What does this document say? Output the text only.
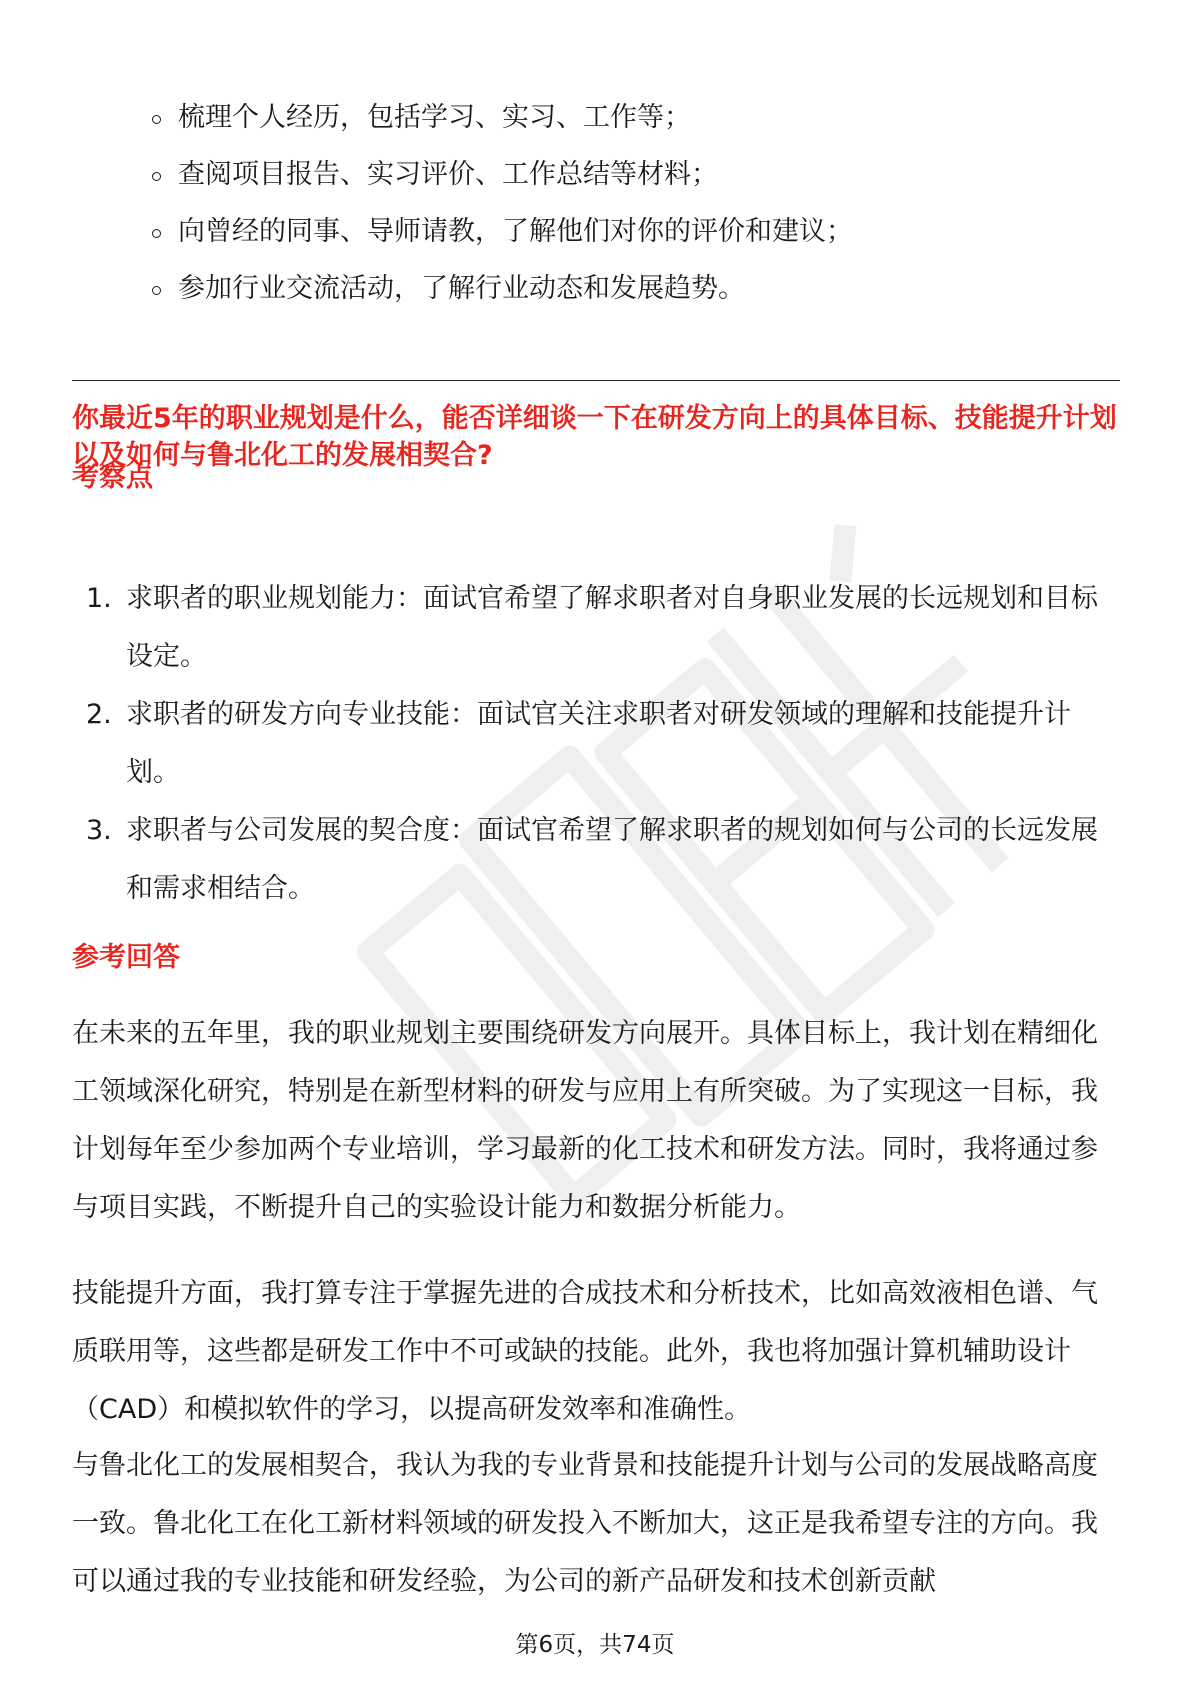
梳理个人经历，包括学习、实习、工作等；
查阅项目报告、实习评价、工作总结等材料；
向曾经的同事、导师请教，了解他们对你的评价和建议；
参加行业交流活动，了解行业动态和发展趋势。
你最近5年的职业规划是什么，能否详细谈一下在研发方向上的具体目标、技能提升计划以及如何与鲁北化工的发展相契合?
考察点
1. 求职者的职业规划能力：面试官希望了解求职者对自身职业发展的长远规划和目标设定。
2. 求职者的研发方向专业技能：面试官关注求职者对研发领域的理解和技能提升计划。
3. 求职者与公司发展的契合度：面试官希望了解求职者的规划如何与公司的长远发展和需求相结合。
参考回答

在未来的五年里，我的职业规划主要围绕研发方向展开。具体目标上，我计划在精细化工领域深化研究，特别是在新型材料的研发与应用上有所突破。为了实现这一目标，我计划每年至少参加两个专业培训，学习最新的化工技术和研发方法。同时，我将通过参与项目实践，不断提升自己的实验设计能力和数据分析能力。

技能提升方面，我打算专注于掌握先进的合成技术和分析技术，比如高效液相色谱、气质联用等，这些都是研发工作中不可或缺的技能。此外，我也将加强计算机辅助设计（CAD）和模拟软件的学习，以提高研发效率和准确性。

与鲁北化工的发展相契合，我认为我的专业背景和技能提升计划与公司的发展战略高度一致。鲁北化工在化工新材料领域的研发投入不断加大，这正是我希望专注的方向。我可以通过我的专业技能和研发经验，为公司的新产品研发和技术创新贡献

第6页，共74页
